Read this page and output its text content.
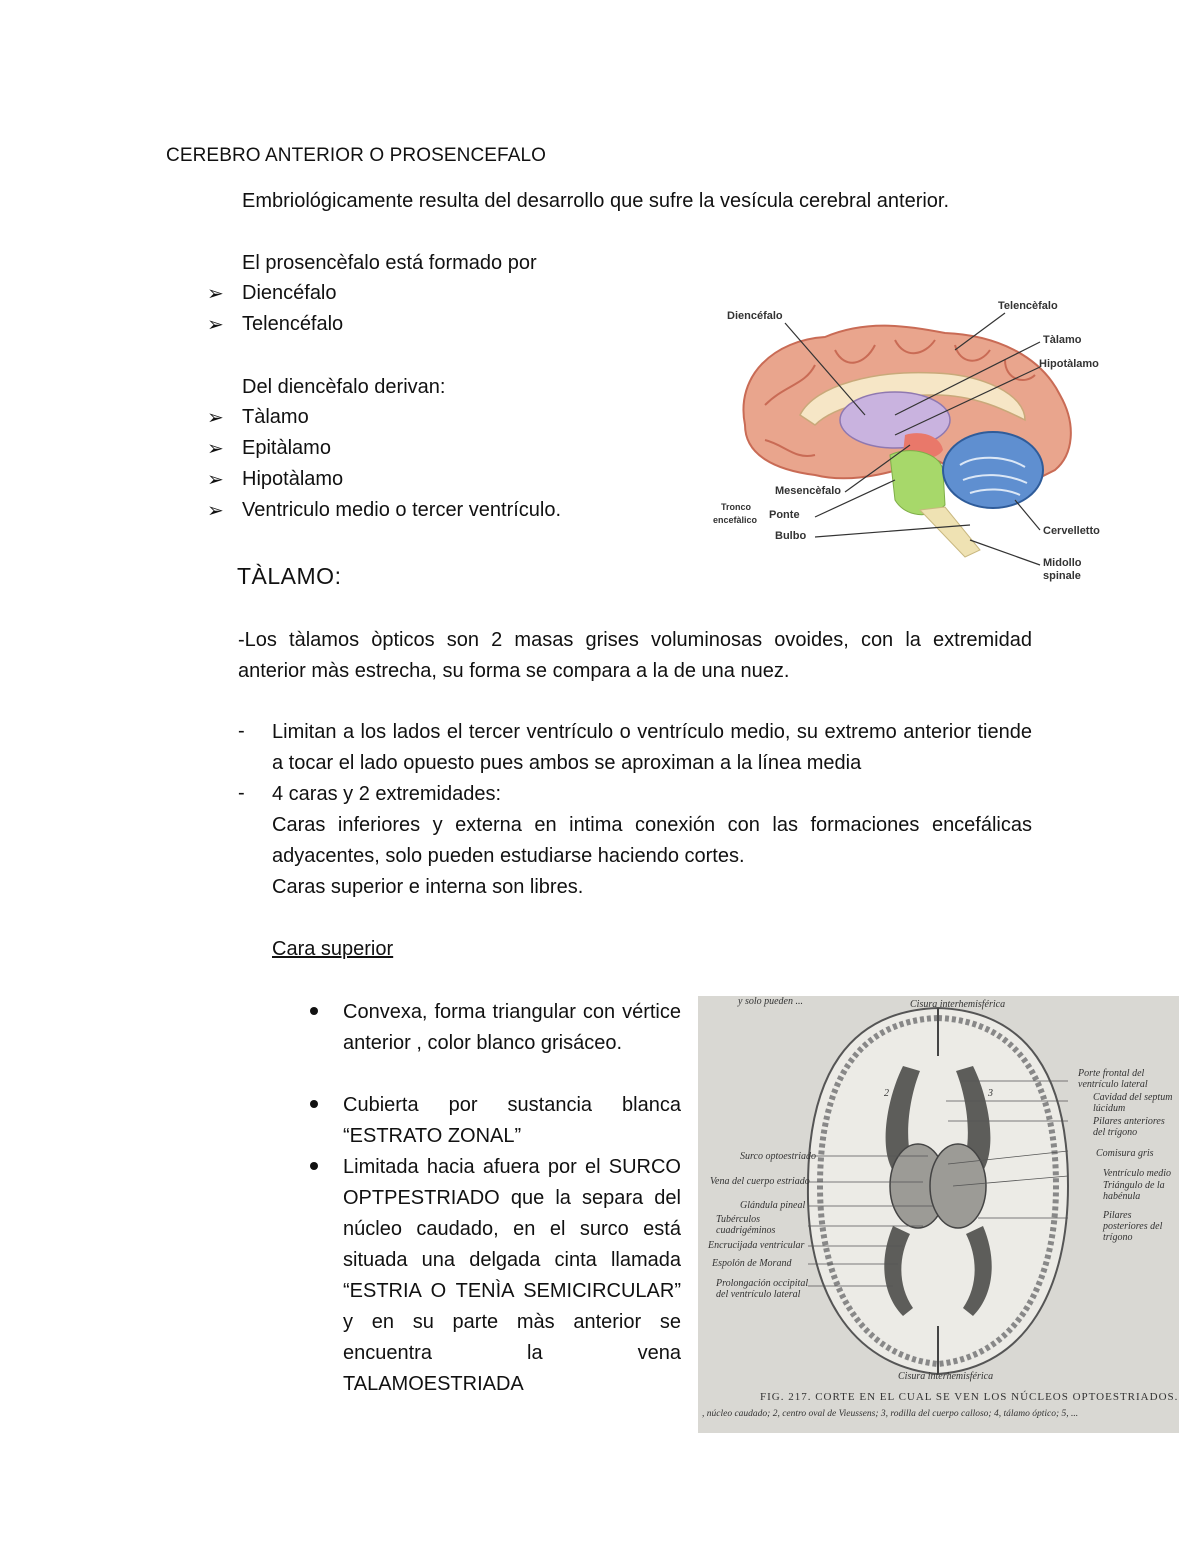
CEREBRO ANTERIOR O PROSENCEFALO
Embriológicamente resulta del desarrollo que sufre la vesícula cerebral anterior.
El prosencèfalo está formado por
➢ Diencéfalo
➢ Telencéfalo
Del diencèfalo derivan:
➢ Tàlamo
➢ Epitàlamo
➢ Hipotàlamo
➢ Ventriculo medio o tercer ventrículo.
Diencéfalo
Telencèfalo
Tàlamo
Hipotàlamo
Mesencèfalo
Tronco
encefàlico Ponte
Bulbo	Cervelletto
Midollo
spinale
TÀLAMO:
-Los tàlamos òpticos son 2 masas grises voluminosas ovoides, con la extremidad anterior màs estrecha, su forma se compara a la de una nuez.
- Limitan a los lados el tercer ventrículo o ventrículo medio, su extremo anterior tiende a tocar el lado opuesto pues ambos se aproximan a la línea media
- 4 caras y 2 extremidades:
Caras inferiores y externa en intima conexión con las formaciones encefálicas adyacentes, solo pueden estudiarse haciendo cortes.
Caras superior e interna son libres.
Cara superior
Convexa, forma triangular con vértice anterior , color blanco grisáceo.
Cubierta por sustancia blanca “ESTRATO ZONAL”
Limitada hacia afuera por el SURCO OPTPESTRIADO que la separa del núcleo caudado, en el surco está situada una delgada cinta llamada “ESTRIA O TENÌA SEMICIRCULAR” y en su parte màs anterior se encuentra la vena TALAMOESTRIADA
y solo pueden ...	Cisura interhemisférica
2	3
Porte frontal del ventrículo lateral
Cavidad del septum lúcidum
Pilares anteriores del trígono
Comisura gris
Ventrículo medio
Triángulo de la habénula
Pilares posteriores del trígono
Surco optoestriado
Vena del cuerpo estriado
Glándula pineal
Tubérculos cuadrigéminos
Encrucijada ventricular
Espolón de Morand
Prolongación occipital del ventrículo lateral
Cisura interhemisférica
FIG. 217. CORTE EN EL CUAL SE VEN LOS NÚCLEOS OPTOESTRIADOS.
, núcleo caudado; 2, centro oval de Vieussens; 3, rodilla del cuerpo calloso; 4, tálamo óptico; 5, ...
